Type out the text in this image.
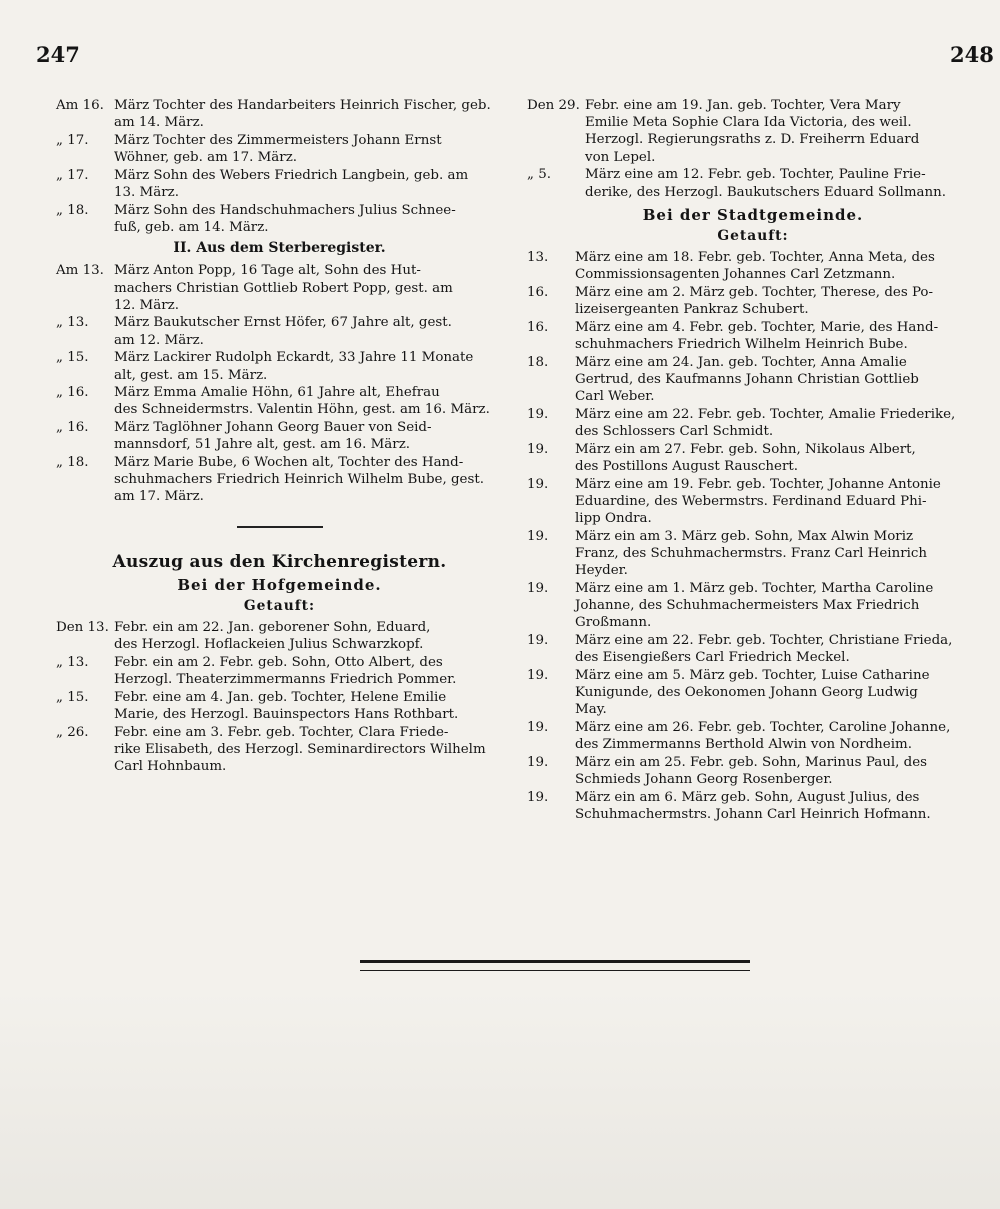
247	248
Am 16. März Tochter des Handarbeiters Heinrich Fischer, geb.
am 14. März.
„ 17.	März Tochter des Zimmermeisters Johann Ernst
Wöhner, geb. am 17. März.
„ 17.	März Sohn des Webers Friedrich Langbein, geb. am
13. März.
„ 18.	März Sohn des Handschuhmachers Julius Schnee-
fuß, geb. am 14. März.
II. Aus dem Sterberegister.
Am 13. März Anton Popp, 16 Tage alt, Sohn des Hut-
machers Christian Gottlieb Robert Popp, gest. am
12. März.
„ 13.	März Baukutscher Ernst Höfer, 67 Jahre alt, gest.
am 12. März.
„ 15.	März Lackirer Rudolph Eckardt, 33 Jahre 11 Monate
alt, gest. am 15. März.
„ 16.	März Emma Amalie Höhn, 61 Jahre alt, Ehefrau
des Schneidermstrs. Valentin Höhn, gest. am 16. März.
„ 16.	März Taglöhner Johann Georg Bauer von Seid-
mannsdorf, 51 Jahre alt, gest. am 16. März.
„ 18.	März Marie Bube, 6 Wochen alt, Tochter des Hand-
schuhmachers Friedrich Heinrich Wilhelm Bube, gest.
am 17. März.
Auszug aus den Kirchenregistern.
Bei der Hofgemeinde.
Getauft:
Den 13. Febr. ein am 22. Jan. geborener Sohn, Eduard,
des Herzogl. Hoflackeien Julius Schwarzkopf.
„ 13.	Febr. ein am 2. Febr. geb. Sohn, Otto Albert, des
Herzogl. Theaterzimmermanns Friedrich Pommer.
„ 15.	Febr. eine am 4. Jan. geb. Tochter, Helene Emilie
Marie, des Herzogl. Bauinspectors Hans Rothbart.
„ 26.	Febr. eine am 3. Febr. geb. Tochter, Clara Friede-
rike Elisabeth, des Herzogl. Seminardirectors Wilhelm
Carl Hohnbaum.
Den 29. Febr. eine am 19. Jan. geb. Tochter, Vera Mary
Emilie Meta Sophie Clara Ida Victoria, des weil.
Herzogl. Regierungsraths z. D. Freiherrn Eduard
von Lepel.
„ 5.	März eine am 12. Febr. geb. Tochter, Pauline Frie-
derike, des Herzogl. Baukutschers Eduard Sollmann.
Bei der Stadtgemeinde.
Getauft:
13.	März eine am 18. Febr. geb. Tochter, Anna Meta, des
Commissionsagenten Johannes Carl Zetzmann.
16.	März eine am 2. März geb. Tochter, Therese, des Po-
lizeisergeanten Pankraz Schubert.
16.	März eine am 4. Febr. geb. Tochter, Marie, des Hand-
schuhmachers Friedrich Wilhelm Heinrich Bube.
18.	März eine am 24. Jan. geb. Tochter, Anna Amalie
Gertrud, des Kaufmanns Johann Christian Gottlieb
Carl Weber.
19.	März eine am 22. Febr. geb. Tochter, Amalie Friederike,
des Schlossers Carl Schmidt.
19.	März ein am 27. Febr. geb. Sohn, Nikolaus Albert,
des Postillons August Rauschert.
19.	März eine am 19. Febr. geb. Tochter, Johanne Antonie
Eduardine, des Webermstrs. Ferdinand Eduard Phi-
lipp Ondra.
19.	März ein am 3. März geb. Sohn, Max Alwin Moriz
Franz, des Schuhmachermstrs. Franz Carl Heinrich
Heyder.
19.	März eine am 1. März geb. Tochter, Martha Caroline
Johanne, des Schuhmachermeisters Max Friedrich
Großmann.
19.	März eine am 22. Febr. geb. Tochter, Christiane Frieda,
des Eisengießers Carl Friedrich Meckel.
19.	März eine am 5. März geb. Tochter, Luise Catharine
Kunigunde, des Oekonomen Johann Georg Ludwig
May.
19.	März eine am 26. Febr. geb. Tochter, Caroline Johanne,
des Zimmermanns Berthold Alwin von Nordheim.
19.	März ein am 25. Febr. geb. Sohn, Marinus Paul, des
Schmieds Johann Georg Rosenberger.
19.	März ein am 6. März geb. Sohn, August Julius, des
Schuhmachermstrs. Johann Carl Heinrich Hofmann.
